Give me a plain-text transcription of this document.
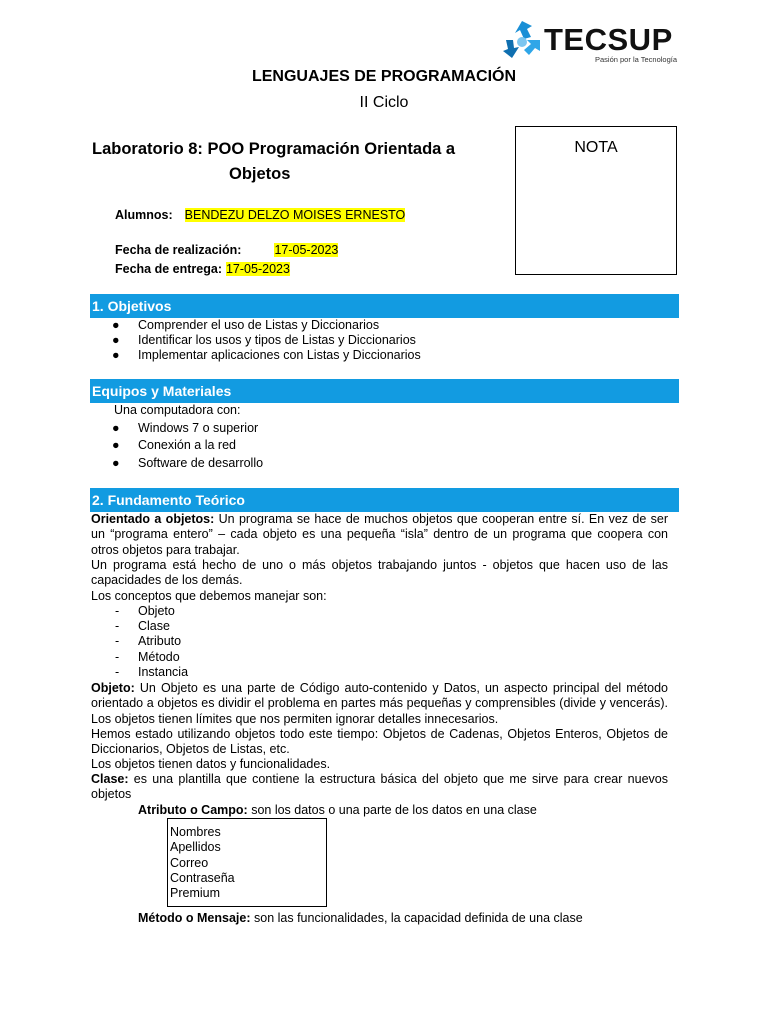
TECSUP
Pasión por la Tecnología
LENGUAJES DE PROGRAMACIÓN
II Ciclo
Laboratorio 8: POO Programación Orientada a
Objetos
NOTA
Alumnos: BENDEZU DELZO MOISES ERNESTO
Fecha de realización:	17-05-2023
Fecha de entrega: 17-05-2023
1. Objetivos
● Comprender el uso de Listas y Diccionarios
● Identificar los usos y tipos de Listas y Diccionarios
● Implementar aplicaciones con Listas y Diccionarios
Equipos y Materiales
Una computadora con:
● Windows 7 o superior
● Conexión a la red
● Software de desarrollo
2. Fundamento Teórico
Orientado a objetos: Un programa se hace de muchos objetos que cooperan entre sí. En vez de ser un “programa entero” – cada objeto es una pequeña “isla” dentro de un programa que coopera con otros objetos para trabajar.
Un programa está hecho de uno o más objetos trabajando juntos - objetos que hacen uso de las capacidades de los demás.
Los conceptos que debemos manejar son:
- Objeto
- Clase
- Atributo
- Método
- Instancia
Objeto: Un Objeto es una parte de Código auto-contenido y Datos, un aspecto principal del método orientado a objetos es dividir el problema en partes más pequeñas y comprensibles (divide y vencerás). Los objetos tienen límites que nos permiten ignorar detalles innecesarios.
Hemos estado utilizando objetos todo este tiempo: Objetos de Cadenas, Objetos Enteros, Objetos de Diccionarios, Objetos de Listas, etc.
Los objetos tienen datos y funcionalidades.
Clase: es una plantilla que contiene la estructura básica del objeto que me sirve para crear nuevos objetos
Atributo o Campo: son los datos o una parte de los datos en una clase
Nombres
Apellidos
Correo
Contraseña
Premium
Método o Mensaje: son las funcionalidades, la capacidad definida de una clase
